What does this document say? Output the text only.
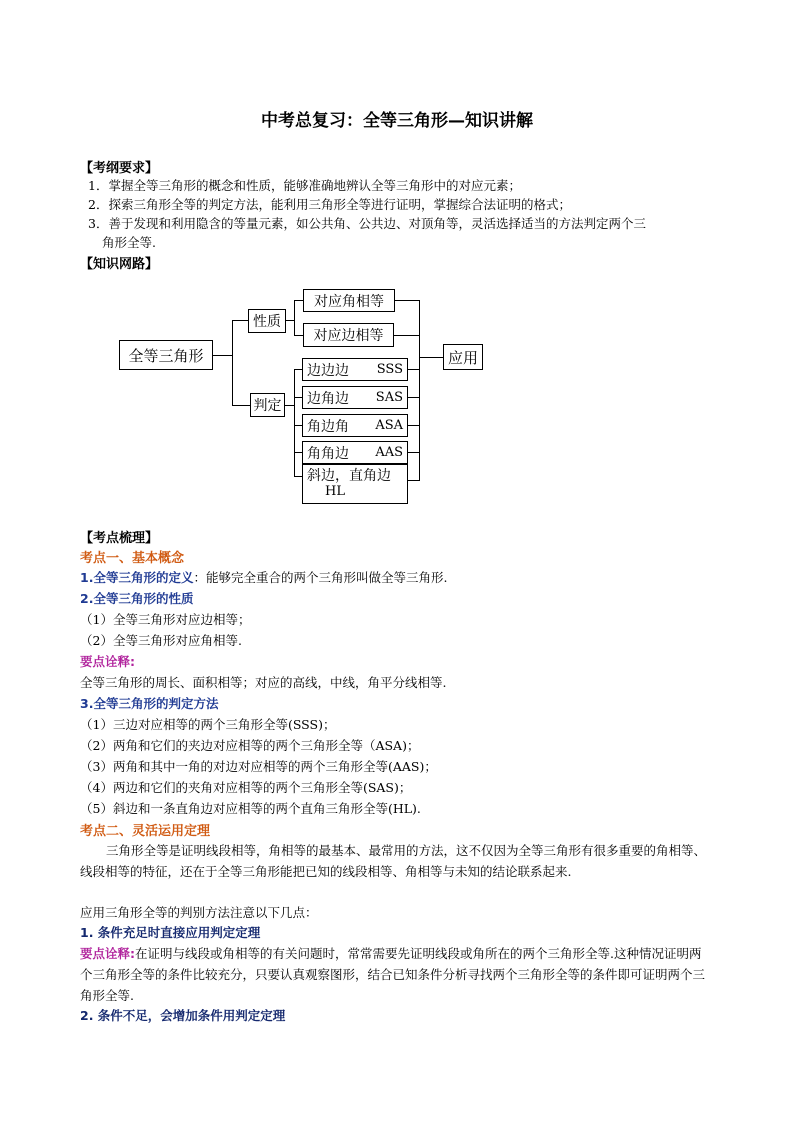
中考总复习：全等三角形—知识讲解
【考纲要求】
1．掌握全等三角形的概念和性质，能够准确地辨认全等三角形中的对应元素；
2．探索三角形全等的判定方法，能利用三角形全等进行证明，掌握综合法证明的格式；
3．善于发现和利用隐含的等量元素，如公共角、公共边、对顶角等，灵活选择适当的方法判定两个三
角形全等.
【知识网路】
全等三角形
性质
判定
对应角相等
对应边相等
应用
边边边 SSS
边角边 SAS
角边角 ASA
角角边 AAS
斜边，直角边
HL
【考点梳理】
考点一、基本概念
1.全等三角形的定义：能够完全重合的两个三角形叫做全等三角形.
2.全等三角形的性质
（1）全等三角形对应边相等；
（2）全等三角形对应角相等.
要点诠释:
全等三角形的周长、面积相等；对应的高线，中线，角平分线相等.
3.全等三角形的判定方法
（1）三边对应相等的两个三角形全等(SSS)；
（2）两角和它们的夹边对应相等的两个三角形全等（ASA)；
（3）两角和其中一角的对边对应相等的两个三角形全等(AAS)；
（4）两边和它们的夹角对应相等的两个三角形全等(SAS)；
（5）斜边和一条直角边对应相等的两个直角三角形全等(HL).
考点二、灵活运用定理
三角形全等是证明线段相等，角相等的最基本、最常用的方法，这不仅因为全等三角形有很多重要的角相等、线段相等的特征，还在于全等三角形能把已知的线段相等、角相等与未知的结论联系起来.
应用三角形全等的判别方法注意以下几点：
1. 条件充足时直接应用判定定理
要点诠释:在证明与线段或角相等的有关问题时，常常需要先证明线段或角所在的两个三角形全等.这种情况证明两个三角形全等的条件比较充分，只要认真观察图形，结合已知条件分析寻找两个三角形全等的条件即可证明两个三角形全等.
2. 条件不足，会增加条件用判定定理
